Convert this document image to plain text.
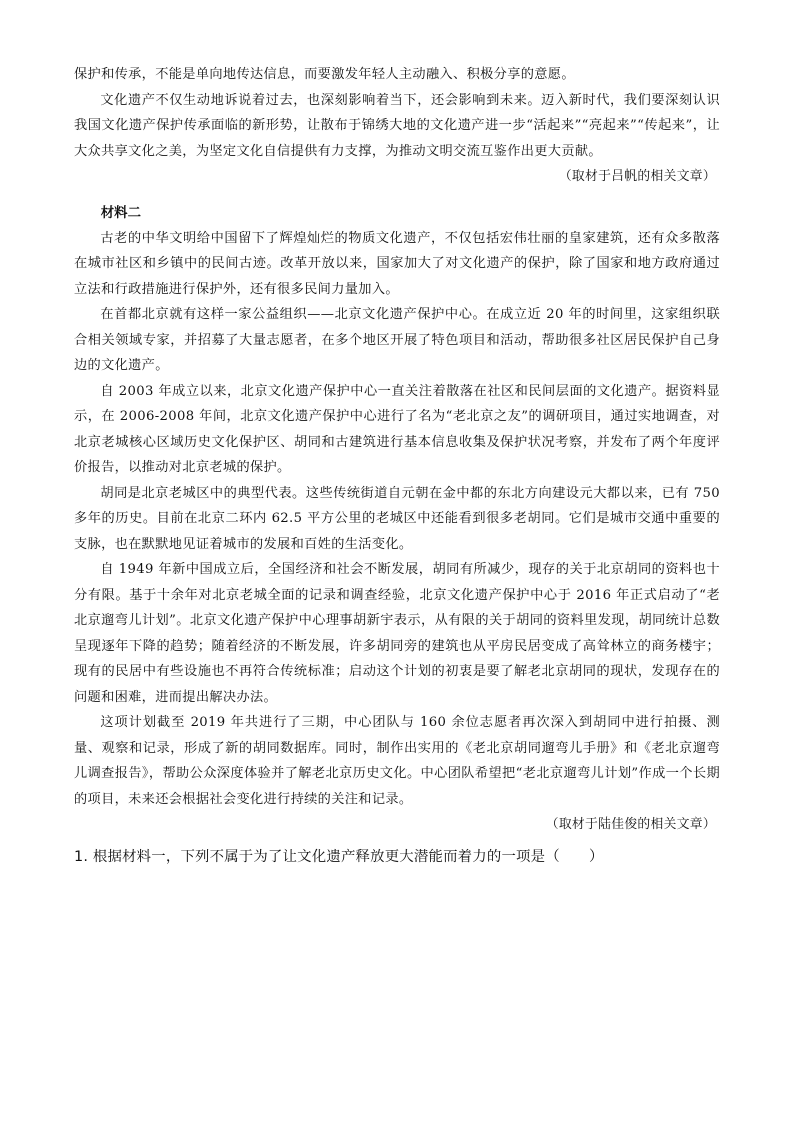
保护和传承，不能是单向地传达信息，而要激发年轻人主动融入、积极分享的意愿。

文化遗产不仅生动地诉说着过去，也深刻影响着当下，还会影响到未来。迈入新时代，我们要深刻认识我国文化遗产保护传承面临的新形势，让散布于锦绣大地的文化遗产进一步“活起来”“亮起来”“传起来”，让大众共享文化之美，为坚定文化自信提供有力支撑，为推动文明交流互鉴作出更大贡献。

（取材于吕帆的相关文章）

材料二

古老的中华文明给中国留下了辉煌灿烂的物质文化遗产，不仅包括宏伟壮丽的皇家建筑，还有众多散落在城市社区和乡镇中的民间古迹。改革开放以来，国家加大了对文化遗产的保护，除了国家和地方政府通过立法和行政措施进行保护外，还有很多民间力量加入。

在首都北京就有这样一家公益组织——北京文化遗产保护中心。在成立近 20 年的时间里，这家组织联合相关领域专家，并招募了大量志愿者，在多个地区开展了特色项目和活动，帮助很多社区居民保护自己身边的文化遗产。

自 2003 年成立以来，北京文化遗产保护中心一直关注着散落在社区和民间层面的文化遗产。据资料显示，在 2006-2008 年间，北京文化遗产保护中心进行了名为“老北京之友”的调研项目，通过实地调查，对北京老城核心区域历史文化保护区、胡同和古建筑进行基本信息收集及保护状况考察，并发布了两个年度评价报告，以推动对北京老城的保护。

胡同是北京老城区中的典型代表。这些传统街道自元朝在金中都的东北方向建设元大都以来，已有 750 多年的历史。目前在北京二环内 62.5 平方公里的老城区中还能看到很多老胡同。它们是城市交通中重要的支脉，也在默默地见证着城市的发展和百姓的生活变化。

自 1949 年新中国成立后，全国经济和社会不断发展，胡同有所减少，现存的关于北京胡同的资料也十分有限。基于十余年对北京老城全面的记录和调查经验，北京文化遗产保护中心于 2016 年正式启动了“老北京遛弯儿计划”。北京文化遗产保护中心理事胡新宇表示，从有限的关于胡同的资料里发现，胡同统计总数呈现逐年下降的趋势；随着经济的不断发展，许多胡同旁的建筑也从平房民居变成了高耸林立的商务楼宇；现有的民居中有些设施也不再符合传统标准；启动这个计划的初衷是要了解老北京胡同的现状，发现存在的问题和困难，进而提出解决办法。

这项计划截至 2019 年共进行了三期，中心团队与 160 余位志愿者再次深入到胡同中进行拍摄、测量、观察和记录，形成了新的胡同数据库。同时，制作出实用的《老北京胡同遛弯儿手册》和《老北京遛弯儿调查报告》，帮助公众深度体验并了解老北京历史文化。中心团队希望把“老北京遛弯儿计划”作成一个长期的项目，未来还会根据社会变化进行持续的关注和记录。

（取材于陆佳俊的相关文章）

1. 根据材料一，下列不属于为了让文化遗产释放更大潜能而着力的一项是（　　）
